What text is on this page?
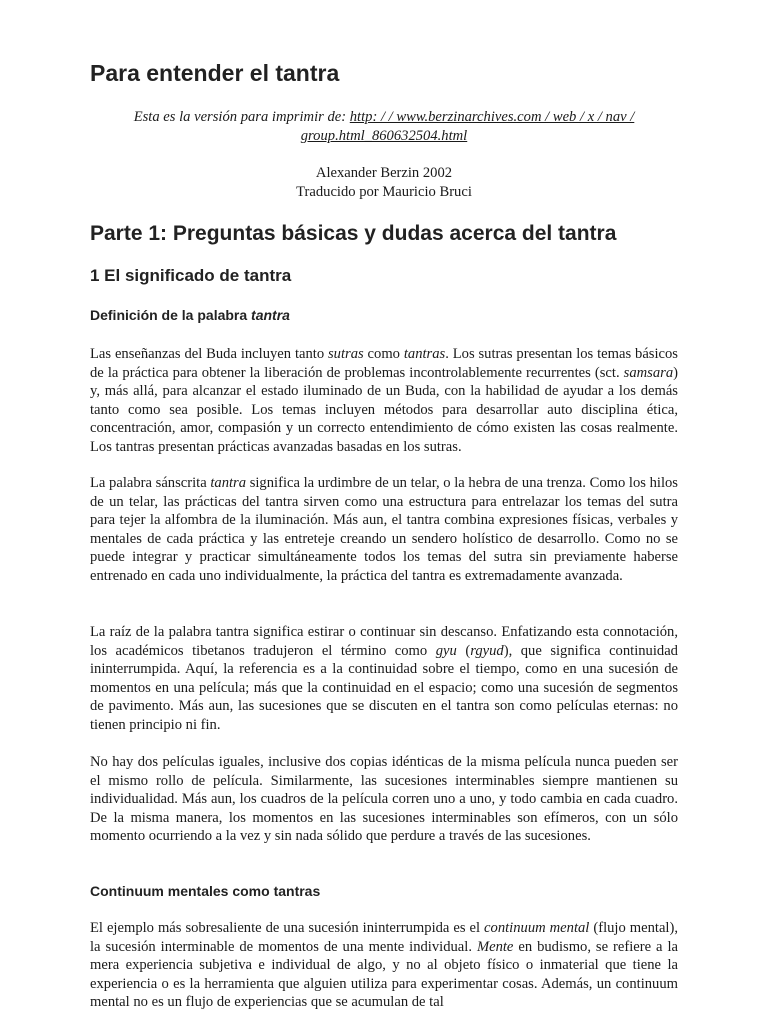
Para entender el tantra

Esta es la versión para imprimir de: http: / / www.berzinarchives.com / web / x / nav /
group.html_860632504.html

Alexander Berzin 2002
Traducido por Mauricio Bruci

Parte 1: Preguntas básicas y dudas acerca del tantra
1 El significado de tantra
Definición de la palabra tantra

Las enseñanzas del Buda incluyen tanto sutras como tantras. Los sutras presentan los temas básicos de la práctica para obtener la liberación de problemas incontrolablemente recurrentes (sct. samsara) y, más allá, para alcanzar el estado iluminado de un Buda, con la habilidad de ayudar a los demás tanto como sea posible. Los temas incluyen métodos para desarrollar auto disciplina ética, concentración, amor, compasión y un correcto entendimiento de cómo existen las cosas realmente. Los tantras presentan prácticas avanzadas basadas en los sutras.

La palabra sánscrita tantra significa la urdimbre de un telar, o la hebra de una trenza. Como los hilos de un telar, las prácticas del tantra sirven como una estructura para entrelazar los temas del sutra para tejer la alfombra de la iluminación. Más aun, el tantra combina expresiones físicas, verbales y mentales de cada práctica y las entreteje creando un sendero holístico de desarrollo. Como no se puede integrar y practicar simultáneamente todos los temas del sutra sin previamente haberse entrenado en cada uno individualmente, la práctica del tantra es extremadamente avanzada.

La raíz de la palabra tantra significa estirar o continuar sin descanso. Enfatizando esta connotación, los académicos tibetanos tradujeron el término como gyu (rgyud), que significa continuidad ininterrumpida. Aquí, la referencia es a la continuidad sobre el tiempo, como en una sucesión de momentos en una película; más que la continuidad en el espacio; como una sucesión de segmentos de pavimento. Más aun, las sucesiones que se discuten en el tantra son como películas eternas: no tienen principio ni fin.

No hay dos películas iguales, inclusive dos copias idénticas de la misma película nunca pueden ser el mismo rollo de película. Similarmente, las sucesiones interminables siempre mantienen su individualidad. Más aun, los cuadros de la película corren uno a uno, y todo cambia en cada cuadro. De la misma manera, los momentos en las sucesiones interminables son efímeros, con un sólo momento ocurriendo a la vez y sin nada sólido que perdure a través de las sucesiones.

Continuum mentales como tantras

El ejemplo más sobresaliente de una sucesión ininterrumpida es el continuum mental (flujo mental), la sucesión interminable de momentos de una mente individual. Mente en budismo, se refiere a la mera experiencia subjetiva e individual de algo, y no al objeto físico o inmaterial que tiene la experiencia o es la herramienta que alguien utiliza para experimentar cosas. Además, un continuum mental no es un flujo de experiencias que se acumulan de tal
